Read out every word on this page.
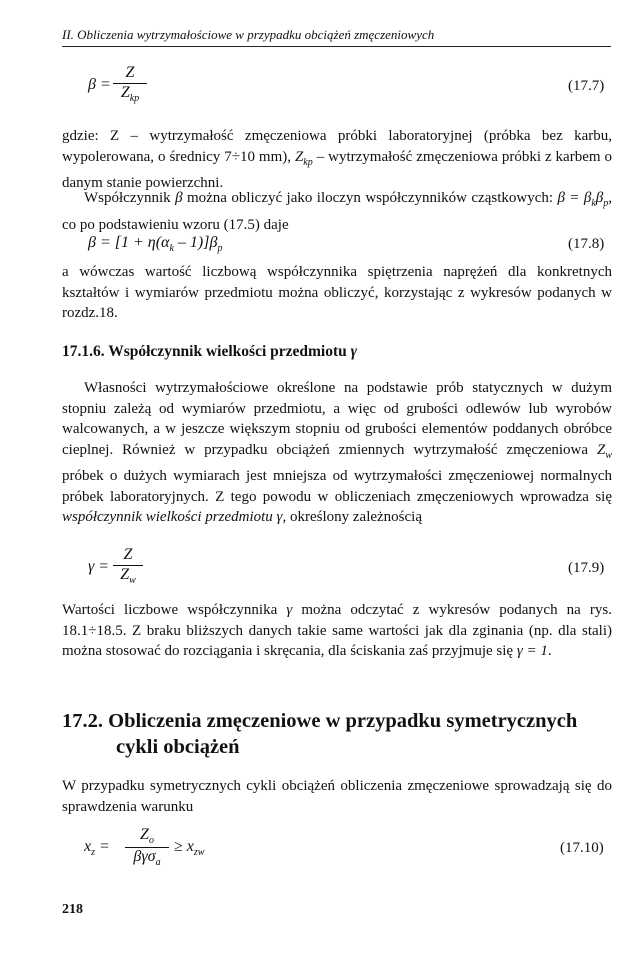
II. Obliczenia wytrzymałościowe w przypadku obciążeń zmęczeniowych
β =
Z
$Z_{kp}$
(17.7)
gdzie: Z – wytrzymałość zmęczeniowa próbki laboratoryjnej (próbka bez karbu, wypolerowana, o średnicy 7÷10 mm), $Z_{kp}$ – wytrzymałość zmęczeniowa próbki z karbem o danym stanie powierzchni.
Współczynnik β można obliczyć jako iloczyn współczynników cząstkowych: $\beta = \beta_k\beta_p$, co po podstawieniu wzoru (17.5) daje
$\beta = [1 + \eta(\alpha_k - 1)]\beta_p$	(17.8)
a wówczas wartość liczbową współczynnika spiętrzenia naprężeń dla konkretnych kształtów i wymiarów przedmiotu można obliczyć, korzystając z wykresów podanych w rozdz.18.
17.1.6. Współczynnik wielkości przedmiotu γ
Własności wytrzymałościowe określone na podstawie prób statycznych w dużym stopniu zależą od wymiarów przedmiotu, a więc od grubości odlewów lub wyrobów walcowanych, a w jeszcze większym stopniu od grubości elementów poddanych obróbce cieplnej. Również w przypadku obciążeń zmiennych wytrzymałość zmęczeniowa $Z_w$ próbek o dużych wymiarach jest mniejsza od wytrzymałości zmęczeniowej normalnych próbek laboratoryjnych. Z tego powodu w obliczeniach zmęczeniowych wprowadza się współczynnik wielkości przedmiotu γ, określony zależnością
γ =
Z
$Z_w$
(17.9)
Wartości liczbowe współczynnika γ można odczytać z wykresów podanych na rys. 18.1÷18.5. Z braku bliższych danych takie same wartości jak dla zginania (np. dla stali) można stosować do rozciągania i skręcania, dla ściskania zaś przyjmuje się γ = 1.
17.2. Obliczenia zmęczeniowe w przypadku symetrycznych
cykli obciążeń
W przypadku symetrycznych cykli obciążeń obliczenia zmęczeniowe sprowadzają się do sprawdzenia warunku
$x_z$ =
$Z_o$
βγσ$_a$
≥ $x_{zw}$	(17.10)
218
